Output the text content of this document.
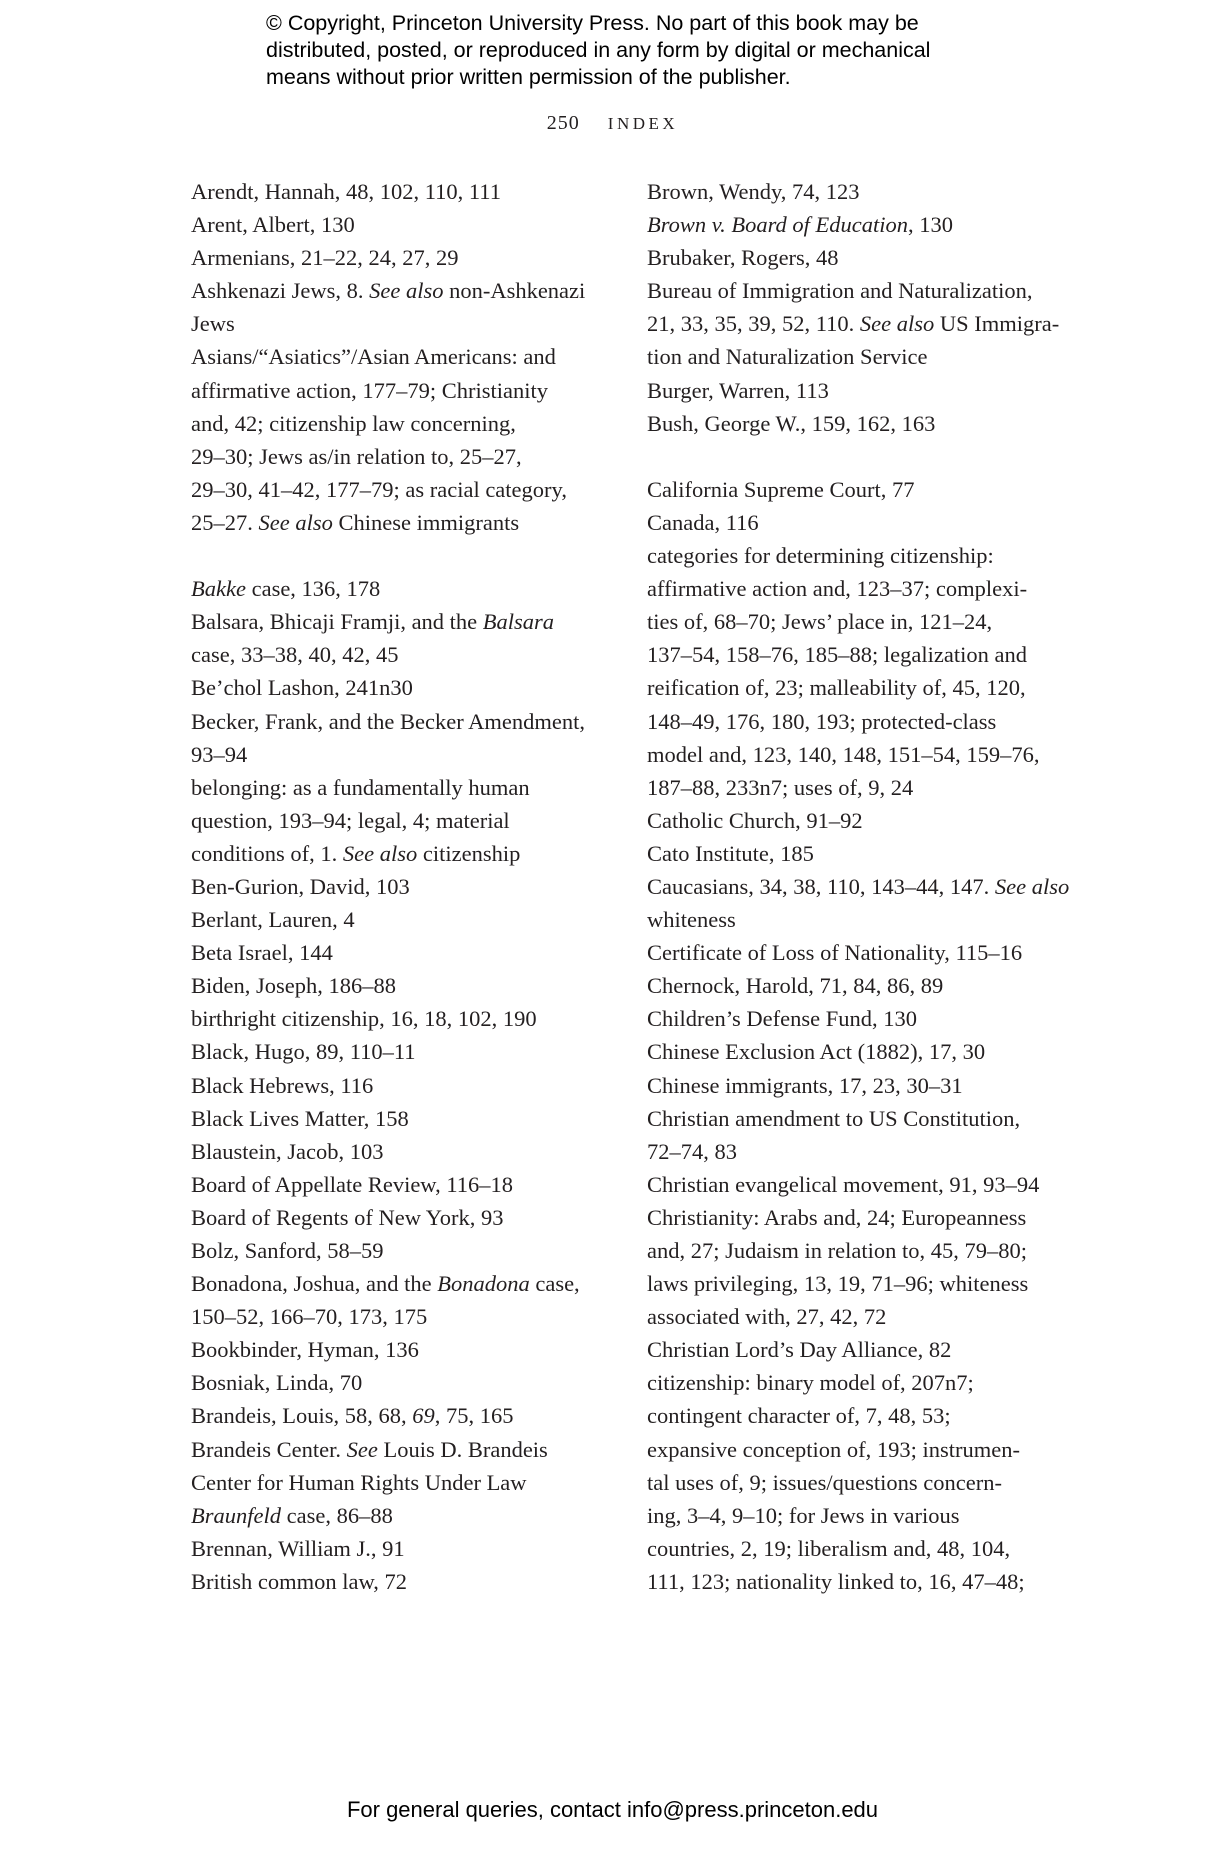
© Copyright, Princeton University Press. No part of this book may be
distributed, posted, or reproduced in any form by digital or mechanical
means without prior written permission of the publisher.
250 INDEX
Arendt, Hannah, 48, 102, 110, 111
Arent, Albert, 130
Armenians, 21–22, 24, 27, 29
Ashkenazi Jews, 8. See also non-Ashkenazi
Jews
Asians/“Asiatics”/Asian Americans: and
affirmative action, 177–79; Christianity
and, 42; citizenship law concerning,
29–30; Jews as/in relation to, 25–27,
29–30, 41–42, 177–79; as racial category,
25–27. See also Chinese immigrants
Bakke case, 136, 178
Balsara, Bhicaji Framji, and the Balsara
case, 33–38, 40, 42, 45
Be’chol Lashon, 241n30
Becker, Frank, and the Becker Amendment,
93–94
belonging: as a fundamentally human
question, 193–94; legal, 4; material
conditions of, 1. See also citizenship
Ben-Gurion, David, 103
Berlant, Lauren, 4
Beta Israel, 144
Biden, Joseph, 186–88
birthright citizenship, 16, 18, 102, 190
Black, Hugo, 89, 110–11
Black Hebrews, 116
Black Lives Matter, 158
Blaustein, Jacob, 103
Board of Appellate Review, 116–18
Board of Regents of New York, 93
Bolz, Sanford, 58–59
Bonadona, Joshua, and the Bonadona case,
150–52, 166–70, 173, 175
Bookbinder, Hyman, 136
Bosniak, Linda, 70
Brandeis, Louis, 58, 68, 69, 75, 165
Brandeis Center. See Louis D. Brandeis
Center for Human Rights Under Law
Braunfeld case, 86–88
Brennan, William J., 91
British common law, 72
Brown, Wendy, 74, 123
Brown v. Board of Education, 130
Brubaker, Rogers, 48
Bureau of Immigration and Naturalization,
21, 33, 35, 39, 52, 110. See also US Immigra-
tion and Naturalization Service
Burger, Warren, 113
Bush, George W., 159, 162, 163
California Supreme Court, 77
Canada, 116
categories for determining citizenship:
affirmative action and, 123–37; complexi-
ties of, 68–70; Jews’ place in, 121–24,
137–54, 158–76, 185–88; legalization and
reification of, 23; malleability of, 45, 120,
148–49, 176, 180, 193; protected-class
model and, 123, 140, 148, 151–54, 159–76,
187–88, 233n7; uses of, 9, 24
Catholic Church, 91–92
Cato Institute, 185
Caucasians, 34, 38, 110, 143–44, 147. See also
whiteness
Certificate of Loss of Nationality, 115–16
Chernock, Harold, 71, 84, 86, 89
Children’s Defense Fund, 130
Chinese Exclusion Act (1882), 17, 30
Chinese immigrants, 17, 23, 30–31
Christian amendment to US Constitution,
72–74, 83
Christian evangelical movement, 91, 93–94
Christianity: Arabs and, 24; Europeanness
and, 27; Judaism in relation to, 45, 79–80;
laws privileging, 13, 19, 71–96; whiteness
associated with, 27, 42, 72
Christian Lord’s Day Alliance, 82
citizenship: binary model of, 207n7;
contingent character of, 7, 48, 53;
expansive conception of, 193; instrumen-
tal uses of, 9; issues/questions concern-
ing, 3–4, 9–10; for Jews in various
countries, 2, 19; liberalism and, 48, 104,
111, 123; nationality linked to, 16, 47–48;
For general queries, contact info@press.princeton.edu
